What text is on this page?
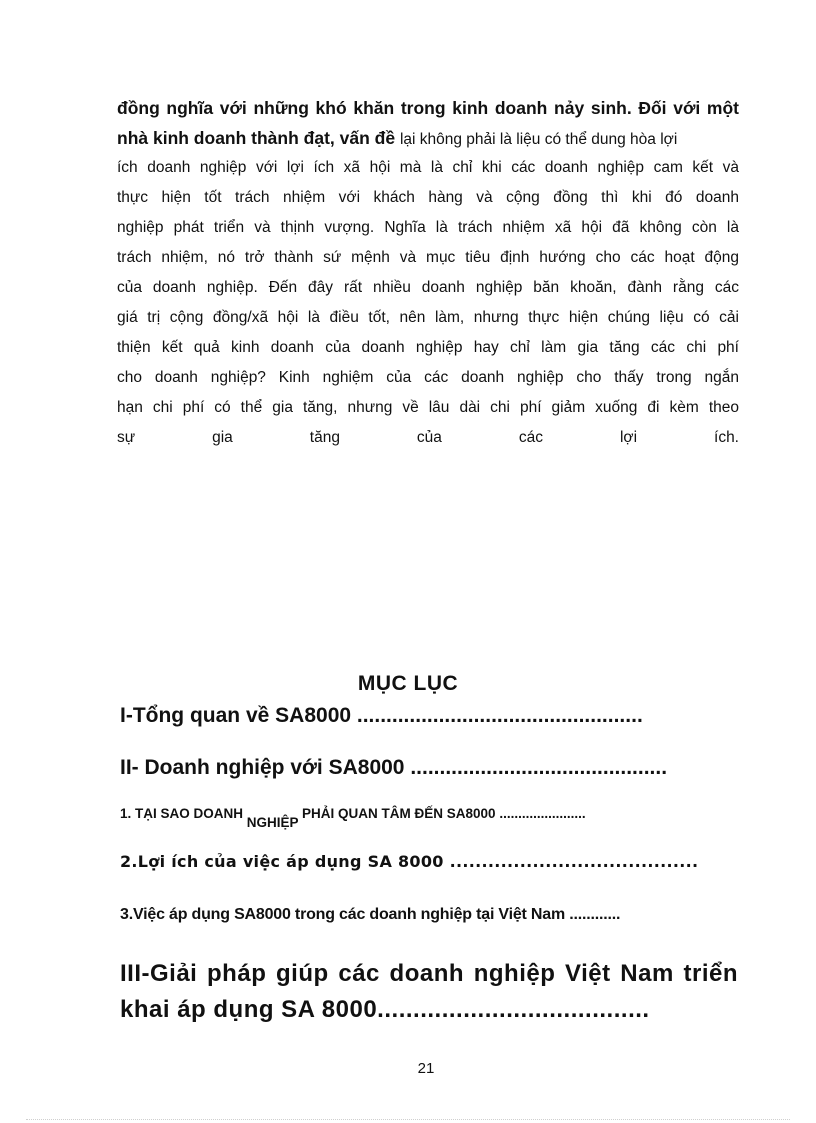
đồng nghĩa với những khó khăn trong kinh doanh nảy sinh. Đối với một
nhà kinh doanh thành đạt, vấn đề lại không phải là liệu có thể dung hòa lợi
ích doanh nghiệp với lợi ích xã hội mà là chỉ khi các doanh nghiệp cam kết và
thực hiện tốt trách nhiệm với khách hàng và cộng đồng thì khi đó doanh
nghiệp phát triển và thịnh vượng. Nghĩa là trách nhiệm xã hội đã không còn là
trách nhiệm, nó trở thành sứ mệnh và mục tiêu định hướng cho các hoạt động
của doanh nghiệp. Đến đây rất nhiều doanh nghiệp băn khoăn, đành rằng các
giá trị cộng đồng/xã hội là điều tốt, nên làm, nhưng thực hiện chúng liệu có cải
thiện kết quả kinh doanh của doanh nghiệp hay chỉ làm gia tăng các chi phí
cho doanh nghiệp? Kinh nghiệm của các doanh nghiệp cho thấy trong ngắn
hạn chi phí có thể gia tăng, nhưng về lâu dài chi phí giảm xuống đi kèm theo
sự gia tăng của các lợi ích.
MỤC LỤC
I-Tổng quan về SA8000 .................................................
II- Doanh nghiệp với SA8000 ............................................
1. TẠI SAO DOANH NGHIỆP PHẢI QUAN TÂM ĐẾN SA8000 .......................
2.Lợi ích của việc áp dụng SA 8000 .......................................
3.Việc áp dụng SA8000 trong các doanh nghiệp tại Việt Nam ............
III-Giải pháp giúp các doanh nghiệp Việt Nam triển khai áp dụng SA 8000......................................
21
